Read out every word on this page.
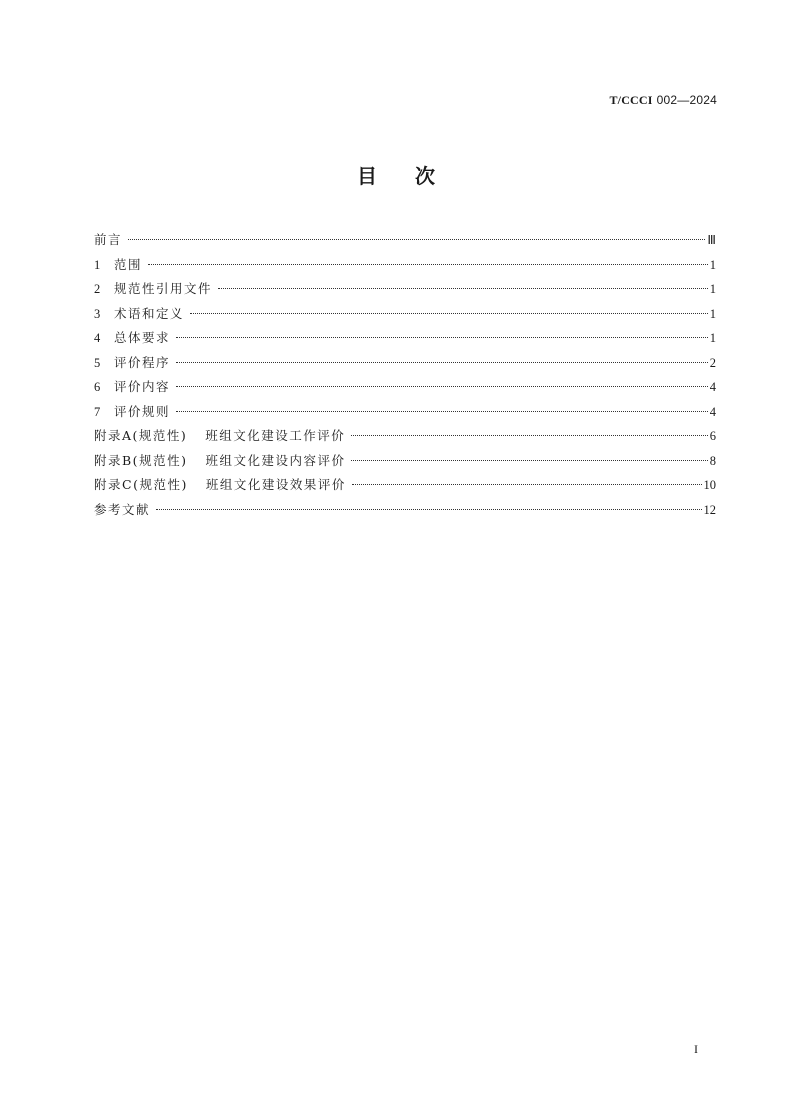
T/CCCI 002—2024
目次
前言	Ⅲ
1	范围	1
2	规范性引用文件	1
3	术语和定义	1
4	总体要求	1
5	评价程序	2
6	评价内容	4
7	评价规则	4
附录A(规范性) 班组文化建设工作评价	6
附录B(规范性) 班组文化建设内容评价	8
附录C(规范性) 班组文化建设效果评价	10
参考文献	12
I
